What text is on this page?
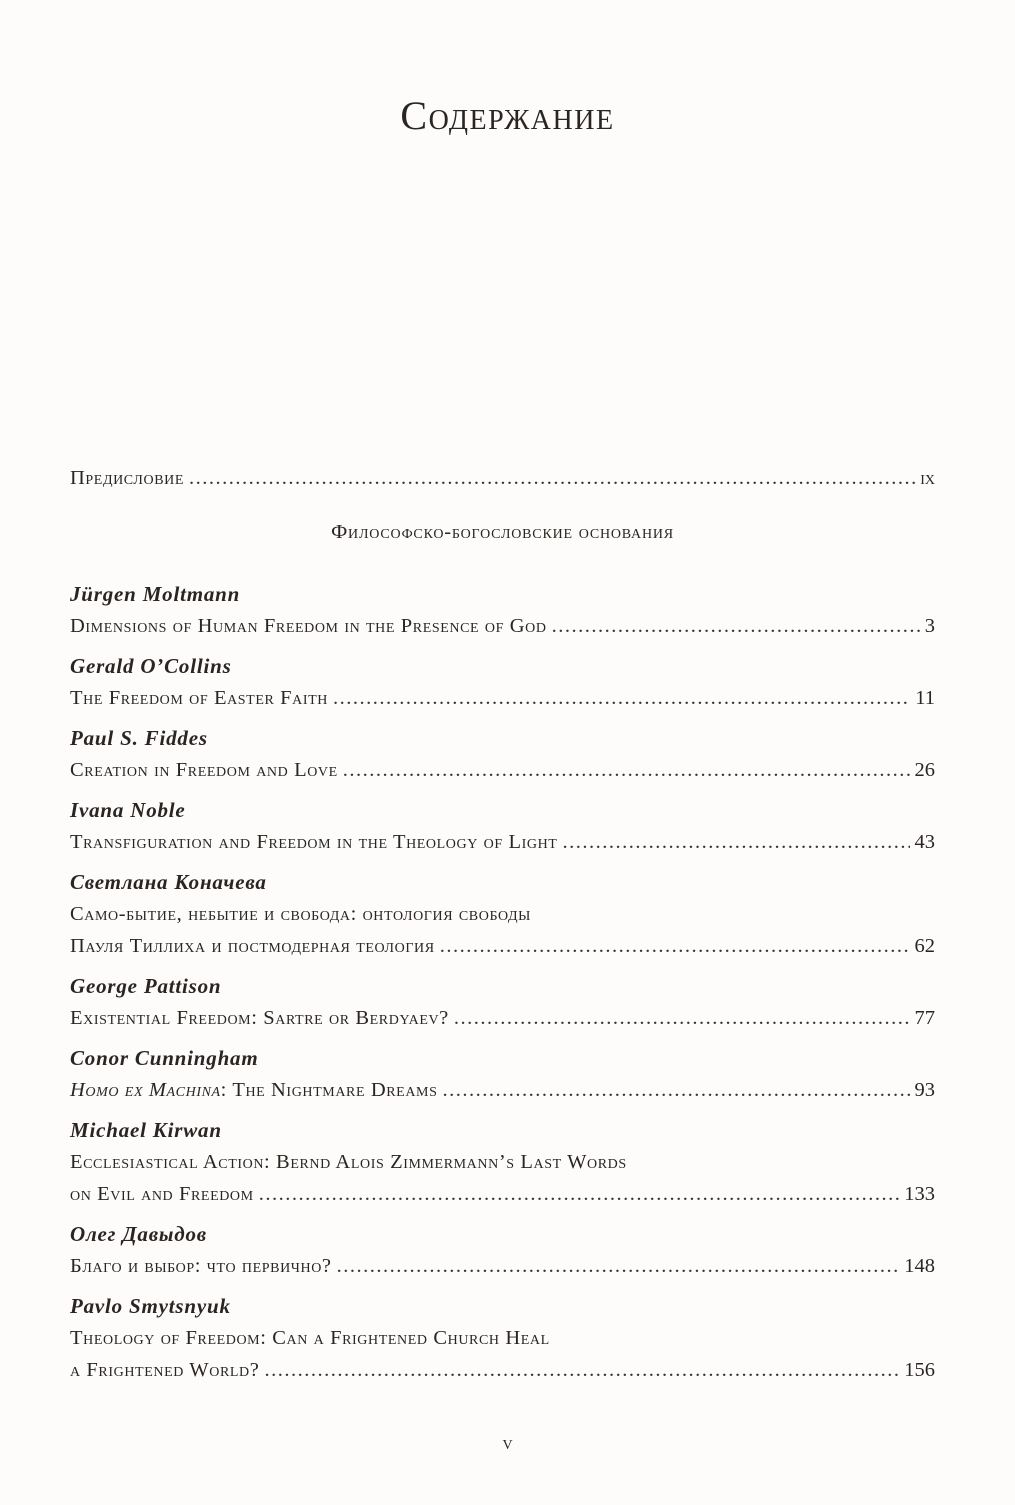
Содержание
Предисловие .....	ix
Философско-богословские основания
Jürgen Moltmann
Dimensions of Human Freedom in the Presence of God .....	3
Gerald O’Collins
The Freedom of Easter Faith .....	11
Paul S. Fiddes
Creation in Freedom and Love .....	26
Ivana Noble
Transfiguration and Freedom in the Theology of Light .....	43
Светлана Коначева
Само-бытие, небытие и свобода: онтология свободы
Пауля Тиллиха и постмодерная теология .....	62
George Pattison
Existential Freedom: Sartre or Berdyaev? .....	77
Conor Cunningham
Homo ex Machina: The Nightmare Dreams .....	93
Michael Kirwan
Ecclesiastical Action: Bernd Alois Zimmermann’s Last Words
on Evil and Freedom .....	133
Олег Давыдов
Благо и выбор: что первично? .....	148
Pavlo Smytsnyuk
Theology of Freedom: Can a Frightened Church Heal
a Frightened World? .....	156
v
